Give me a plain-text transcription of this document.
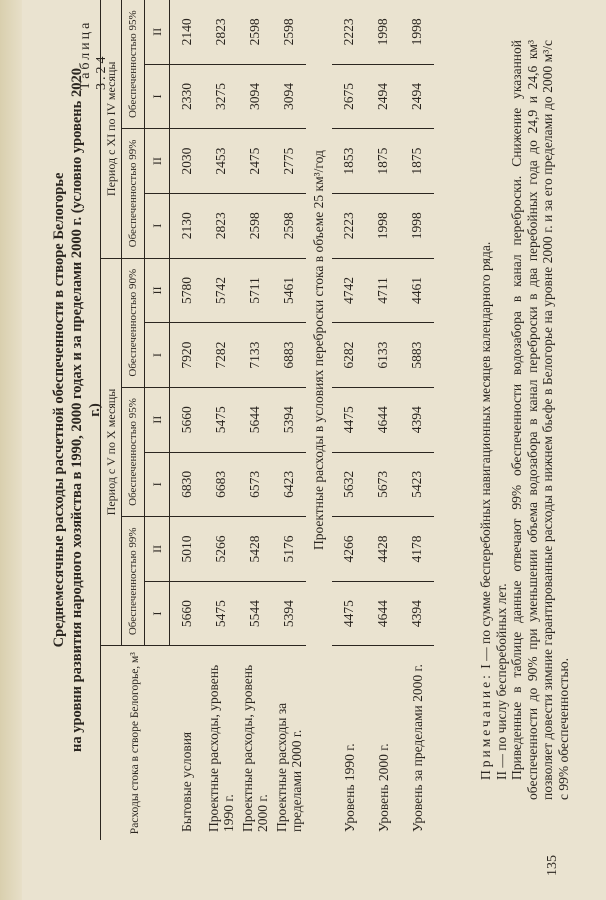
Таблица 3.24
Среднемесячные расходы расчетной обеспеченности в створе Белогорье на уровни развития народного хозяйства в 1990, 2000 годах и за пределами 2000 г. (условно уровень 2020 г.)
Расходы стока в створе Белогорье, м³	Период с V по X месяцы						Период с XI по IV месяцы			
	Обеспеченностью 99%		Обеспеченностью 95%		Обеспеченностью 90%		Обеспеченностью 99%		Обеспеченностью 95%	
	I	II	I	II	I	II	I	II	I	II
Бытовые условия	5660	5010	6830	5660	7920	5780	2130	2030	2330	2140
Проектные расходы, уровень 1990 г.	5475	5266	6683	5475	7282	5742	2823	2453	3275	2823
Проектные расходы, уровень 2000 г.	5544	5428	6573	5644	7133	5711	2598	2475	3094	2598
Проектные расходы за пределами 2000 г.	5394	5176	6423	5394	6883	5461	2598	2775	3094	2598
Проектные расходы в условиях переброски стока в объеме 25 км³/год										
Уровень 1990 г.	4475	4266	5632	4475	6282	4742	2223	1853	2675	2223
Уровень 2000 г.	4644	4428	5673	4644	6133	4711	1998	1875	2494	1998
Уровень за пределами 2000 г.	4394	4178	5423	4394	5883	4461	1998	1875	2494	1998

Примечание: I — по сумме бесперебойных навигационных месяцев календарного ряда.

II — по числу бесперебойных лет. Приведенные в таблице данные отвечают 99% обеспеченности водозабора в канал переброски. Снижение указанной обеспеченности до 90% при уменьшении объема водозабора в канал переброски в два перебойных года до 24,9 и 24,6 км³ позволяет довести зимние гарантированные расходы в нижнем бьефе в Белогорье на уровне 2000 г. и за его пределами до 2000 м³/с с 99% обеспеченностью.

135
